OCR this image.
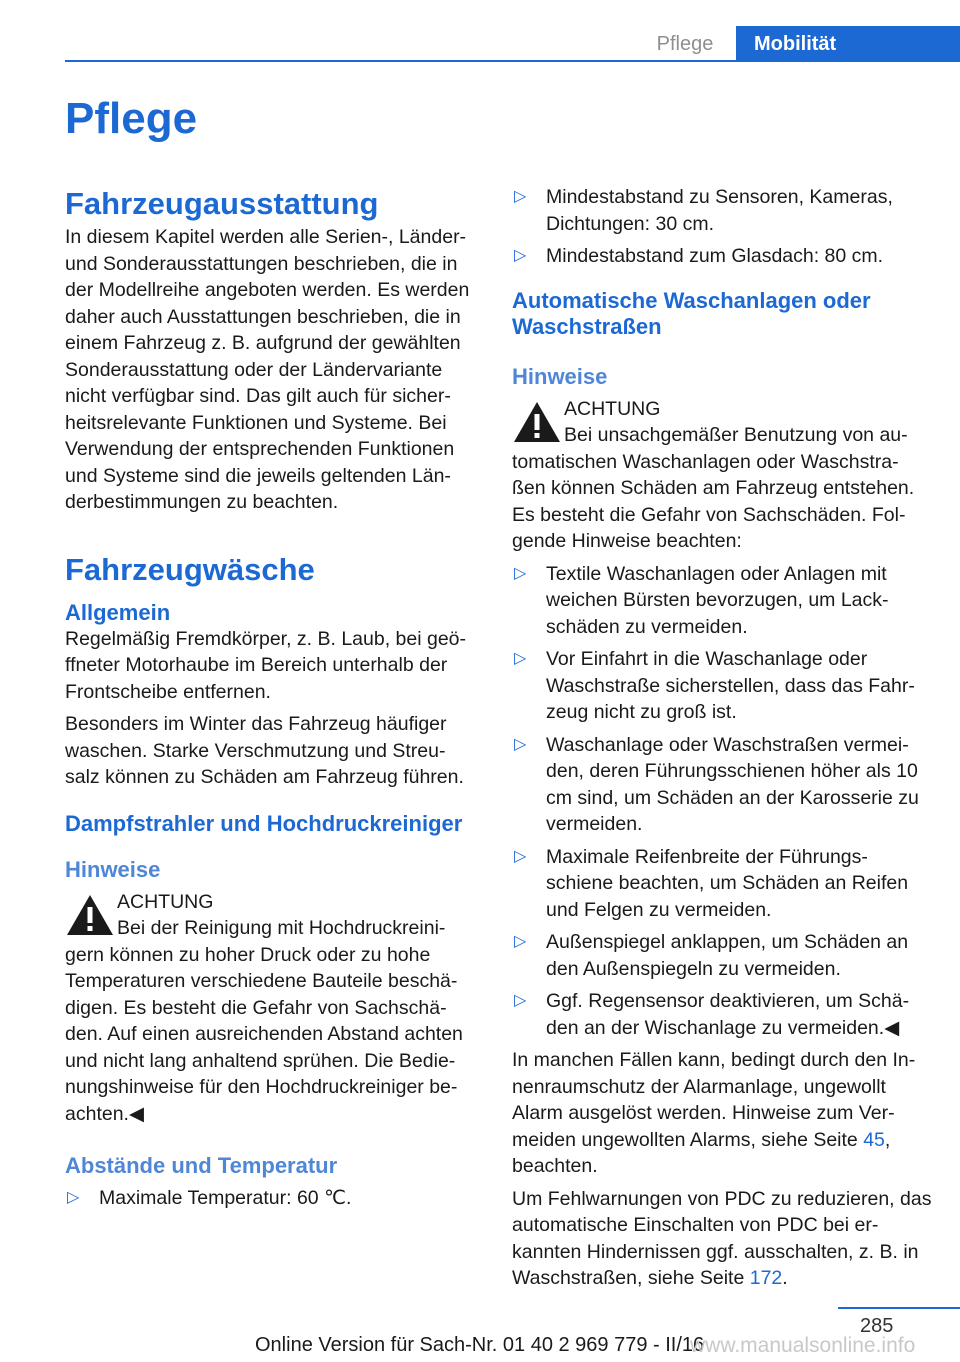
Pflege	Mobilität
Pflege
Fahrzeugausstattung

In diesem Kapitel werden alle Serien-, Länder- und Sonderausstattungen beschrieben, die in der Modellreihe angeboten werden. Es werden daher auch Ausstattungen beschrieben, die in einem Fahrzeug z. B. aufgrund der gewählten Sonderausstattung oder der Ländervariante nicht verfügbar sind. Das gilt auch für sicher-heitsrelevante Funktionen und Systeme. Bei Verwendung der entsprechenden Funktionen und Systeme sind die jeweils geltenden Län-derbestimmungen zu beachten.

Fahrzeugwäsche
Allgemein

Regelmäßig Fremdkörper, z. B. Laub, bei geö-ffneter Motorhaube im Bereich unterhalb der Frontscheibe entfernen.

Besonders im Winter das Fahrzeug häufiger waschen. Starke Verschmutzung und Streu-salz können zu Schäden am Fahrzeug führen.

Dampfstrahler und Hochdruckreiniger
Hinweise
ACHTUNG

Bei der Reinigung mit Hochdruckreini-gern können zu hoher Druck oder zu hohe Temperaturen verschiedene Bauteile beschä-digen. Es besteht die Gefahr von Sachschä-den. Auf einen ausreichenden Abstand achten und nicht lang anhaltend sprühen. Die Bedie-nungshinweise für den Hochdruckreiniger be-achten.◀

Abstände und Temperatur
▷ Maximale Temperatur: 60 ℃.
▷ Mindestabstand zu Sensoren, Kameras, Dichtungen: 30 cm.
▷ Mindestabstand zum Glasdach: 80 cm.
Automatische Waschanlagen oder Waschstraßen
Hinweise
ACHTUNG

Bei unsachgemäßer Benutzung von au-tomatischen Waschanlagen oder Waschstra-ßen können Schäden am Fahrzeug entstehen. Es besteht die Gefahr von Sachschäden. Fol-gende Hinweise beachten:

▷ Textile Waschanlagen oder Anlagen mit weichen Bürsten bevorzugen, um Lack-schäden zu vermeiden.
▷ Vor Einfahrt in die Waschanlage oder Waschstraße sicherstellen, dass das Fahr-zeug nicht zu groß ist.
▷ Waschanlage oder Waschstraßen vermei-den, deren Führungsschienen höher als 10 cm sind, um Schäden an der Karosserie zu vermeiden.
▷ Maximale Reifenbreite der Führungs-schiene beachten, um Schäden an Reifen und Felgen zu vermeiden.
▷ Außenspiegel anklappen, um Schäden an den Außenspiegeln zu vermeiden.
▷ Ggf. Regensensor deaktivieren, um Schä-den an der Wischanlage zu vermeiden.◀

In manchen Fällen kann, bedingt durch den In-nenraumschutz der Alarmanlage, ungewollt Alarm ausgelöst werden. Hinweise zum Ver-meiden ungewollten Alarms, siehe Seite 45, beachten.

Um Fehlwarnungen von PDC zu reduzieren, das automatische Einschalten von PDC bei er-kannten Hindernissen ggf. ausschalten, z. B. in Waschstraßen, siehe Seite 172.

285
Online Version für Sach-Nr. 01 40 2 969 779 - II/16
www.manualsonline.info
